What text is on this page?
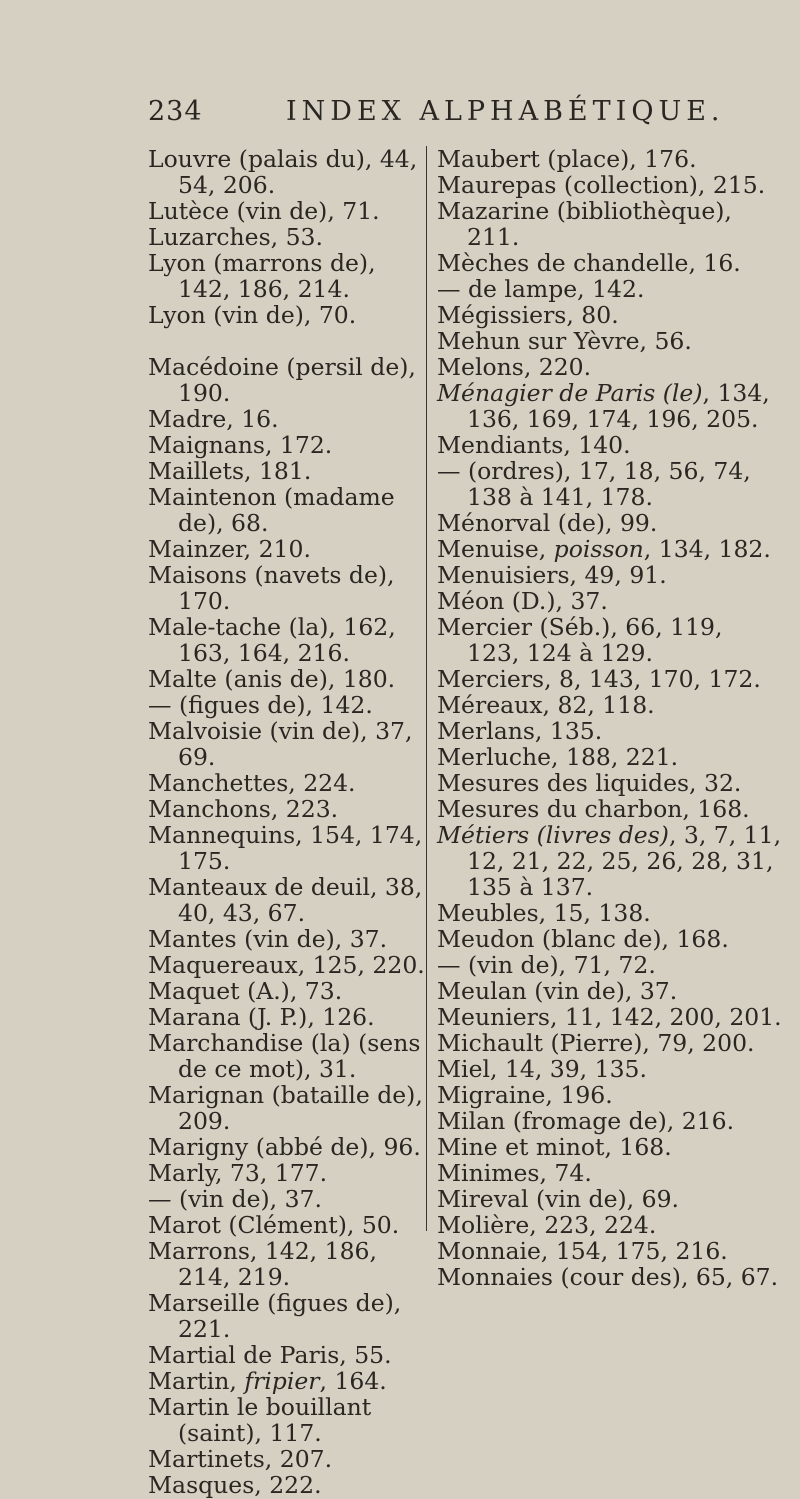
234	INDEX ALPHABÉTIQUE.

Louvre (palais du), 44, 54, 206.

Lutèce (vin de), 71.

Luzarches, 53.

Lyon (marrons de), 142, 186, 214.

Lyon (vin de), 70.

Macédoine (persil de), 190.

Madre, 16.

Maignans, 172.

Maillets, 181.

Maintenon (madame de), 68.

Mainzer, 210.

Maisons (navets de), 170.

Male-tache (la), 162, 163, 164, 216.

Malte (anis de), 180.

— (figues de), 142.

Malvoisie (vin de), 37, 69.

Manchettes, 224.

Manchons, 223.

Mannequins, 154, 174, 175.

Manteaux de deuil, 38, 40, 43, 67.

Mantes (vin de), 37.

Maquereaux, 125, 220.

Maquet (A.), 73.

Marana (J. P.), 126.

Marchandise (la) (sens de ce mot), 31.

Marignan (bataille de), 209.

Marigny (abbé de), 96.

Marly, 73, 177.

— (vin de), 37.

Marot (Clément), 50.

Marrons, 142, 186, 214, 219.

Marseille (figues de), 221.

Martial de Paris, 55.

Martin, fripier, 164.

Martin le bouillant (saint), 117.

Martinets, 207.

Masques, 222.

Maubert (place), 176.

Maurepas (collection), 215.

Mazarine (bibliothèque), 211.

Mèches de chandelle, 16.

— de lampe, 142.

Mégissiers, 80.

Mehun sur Yèvre, 56.

Melons, 220.

Ménagier de Paris (le), 134, 136, 169, 174, 196, 205.

Mendiants, 140.

— (ordres), 17, 18, 56, 74, 138 à 141, 178.

Ménorval (de), 99.

Menuise, poisson, 134, 182.

Menuisiers, 49, 91.

Méon (D.), 37.

Mercier (Séb.), 66, 119, 123, 124 à 129.

Merciers, 8, 143, 170, 172.

Méreaux, 82, 118.

Merlans, 135.

Merluche, 188, 221.

Mesures des liquides, 32.

Mesures du charbon, 168.

Métiers (livres des), 3, 7, 11, 12, 21, 22, 25, 26, 28, 31, 135 à 137.

Meubles, 15, 138.

Meudon (blanc de), 168.

— (vin de), 71, 72.

Meulan (vin de), 37.

Meuniers, 11, 142, 200, 201.

Michault (Pierre), 79, 200.

Miel, 14, 39, 135.

Migraine, 196.

Milan (fromage de), 216.

Mine et minot, 168.

Minimes, 74.

Mireval (vin de), 69.

Molière, 223, 224.

Monnaie, 154, 175, 216.

Monnaies (cour des), 65, 67.
